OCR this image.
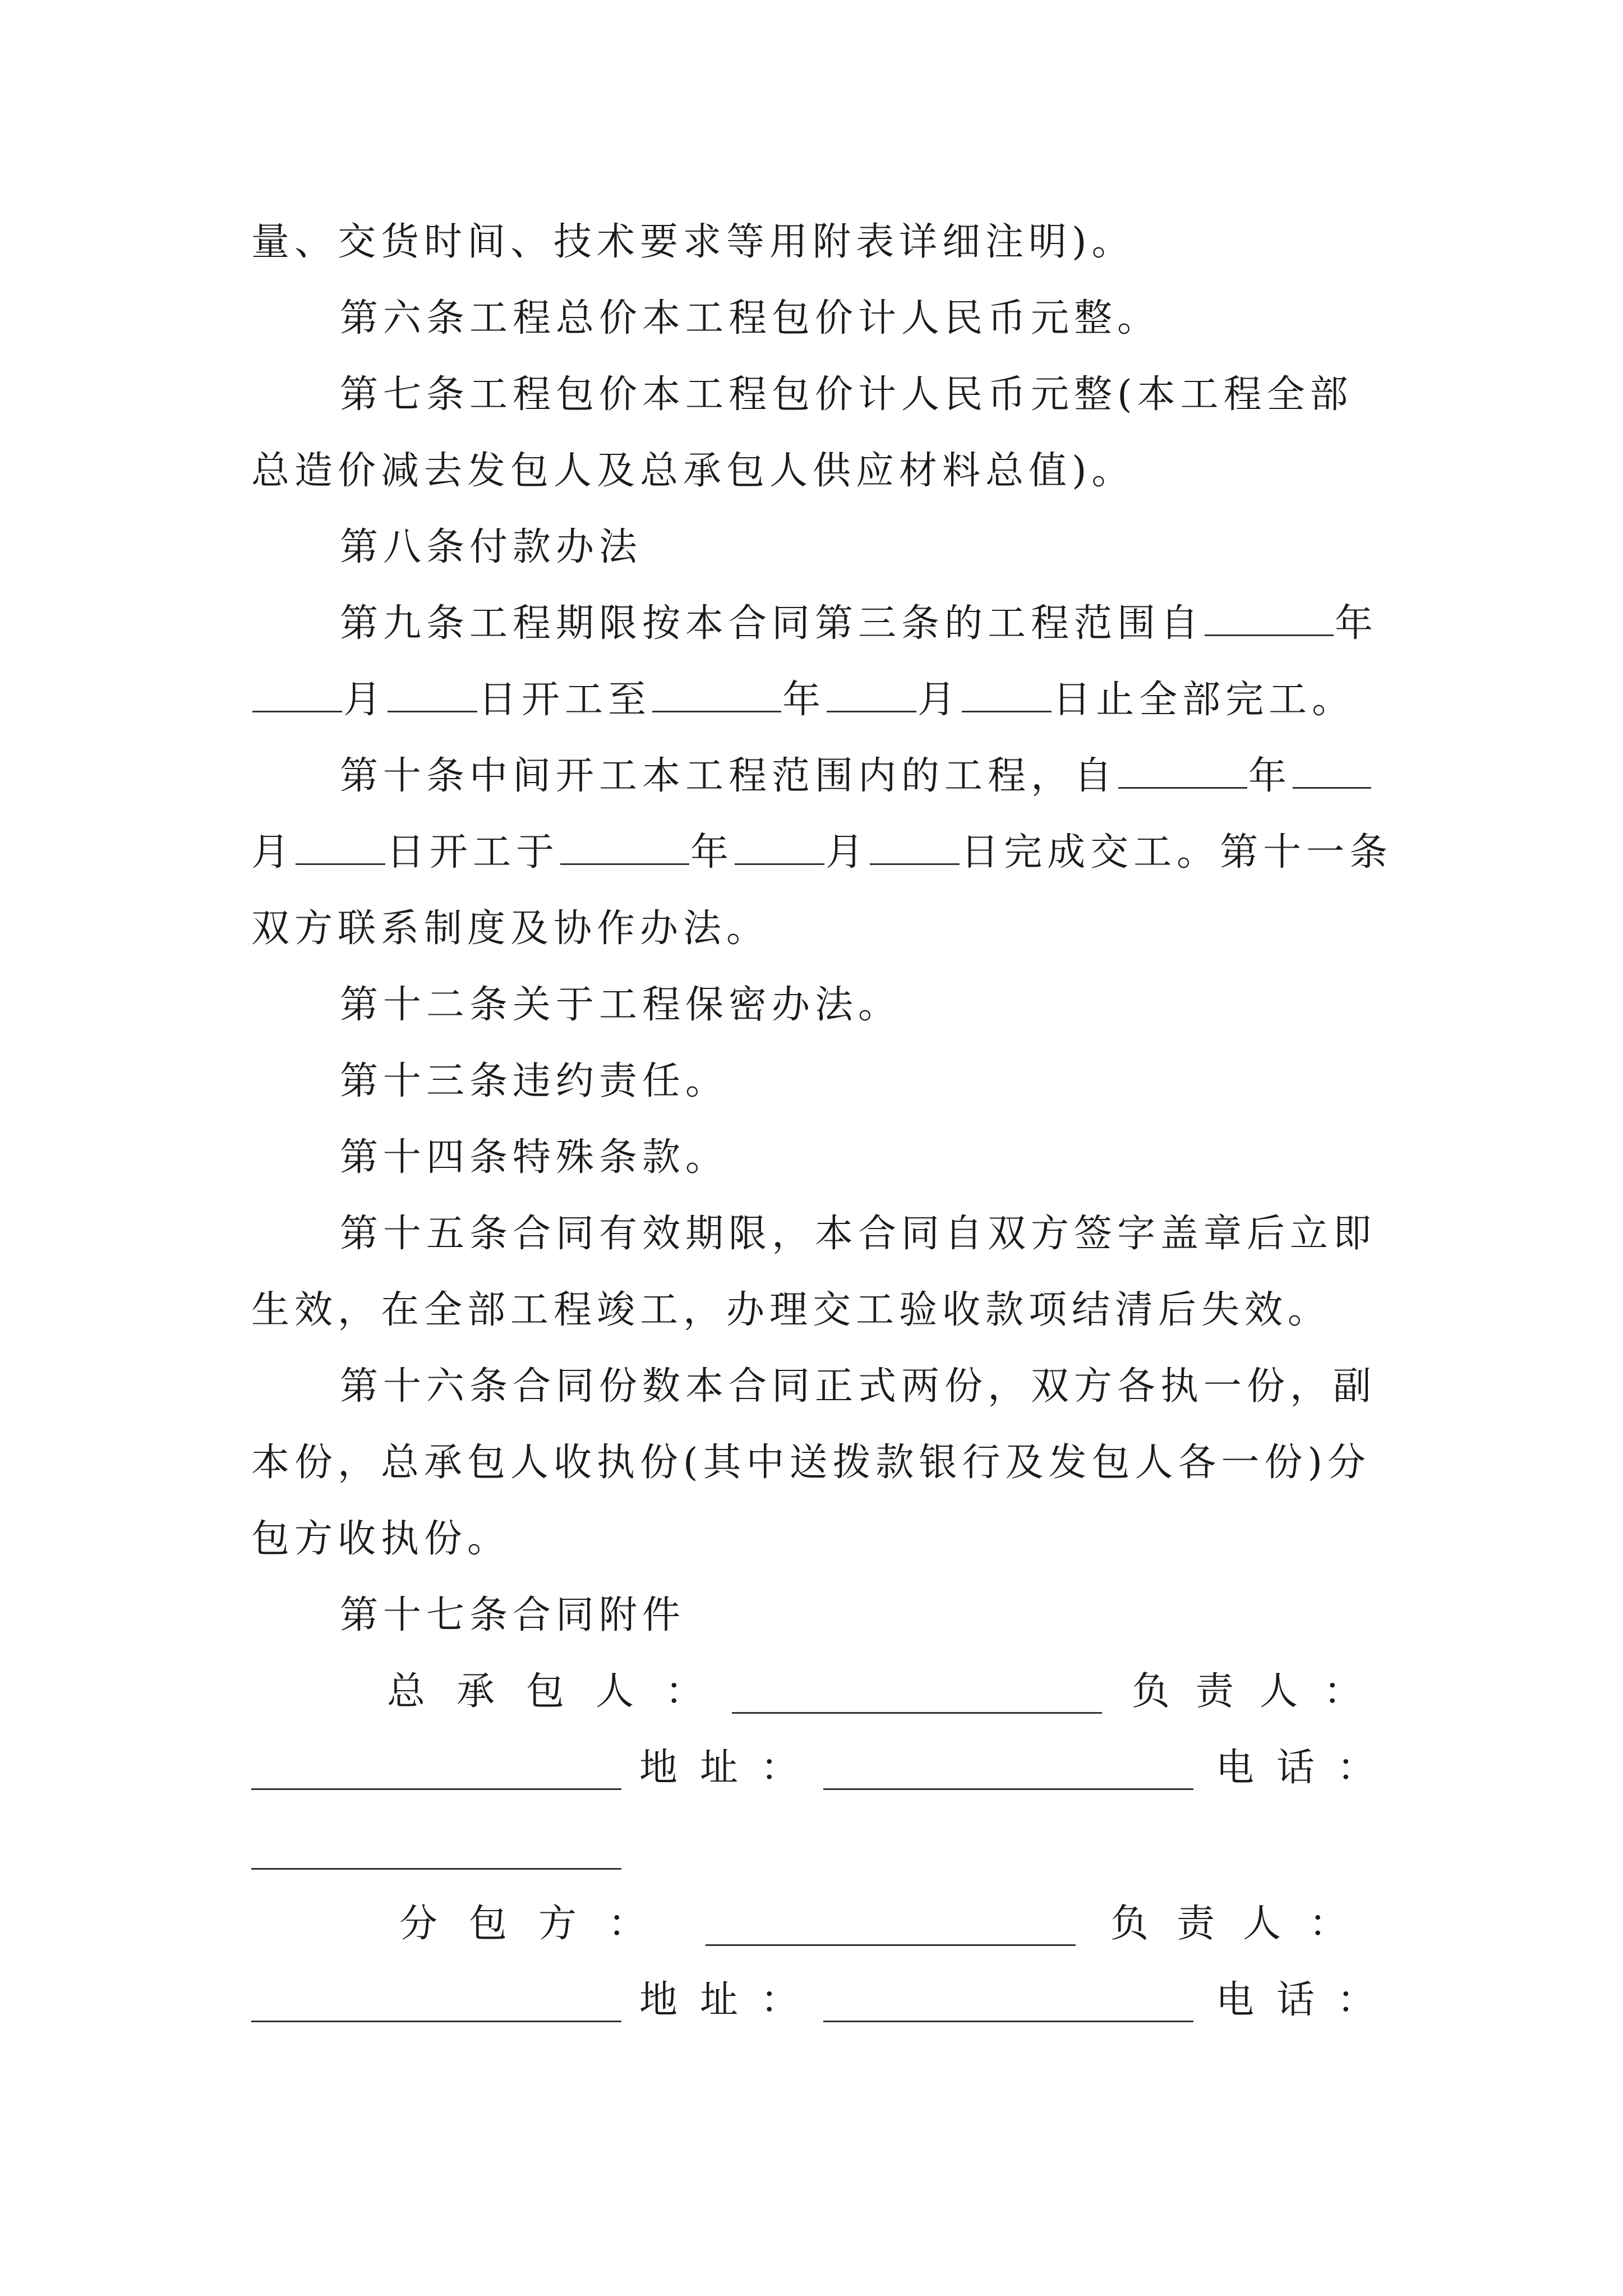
量、交货时间、技术要求等用附表详细注明)。
第六条工程总价本工程包价计人民币元整。
第七条工程包价本工程包价计人民币元整(本工程全部
总造价减去发包人及总承包人供应材料总值)。
第八条付款办法
第九条工程期限按本合同第三条的工程范围自	年
月 日开工至	年 月 日止全部完工。
第十条中间开工本工程范围内的工程，自	年
月 日开工于	年 月 日完成交工。第十一条
双方联系制度及协作办法。
第十二条关于工程保密办法。
第十三条违约责任。
第十四条特殊条款。
第十五条合同有效期限，本合同自双方签字盖章后立即
生效，在全部工程竣工，办理交工验收款项结清后失效。
第十六条合同份数本合同正式两份，双方各执一份，副
本份，总承包人收执份(其中送拨款银行及发包人各一份)分
包方收执份。
第十七条合同附件
总承包人：	负责人：
地址：	电话：
分包方：	负责人：
地址：	电话：
